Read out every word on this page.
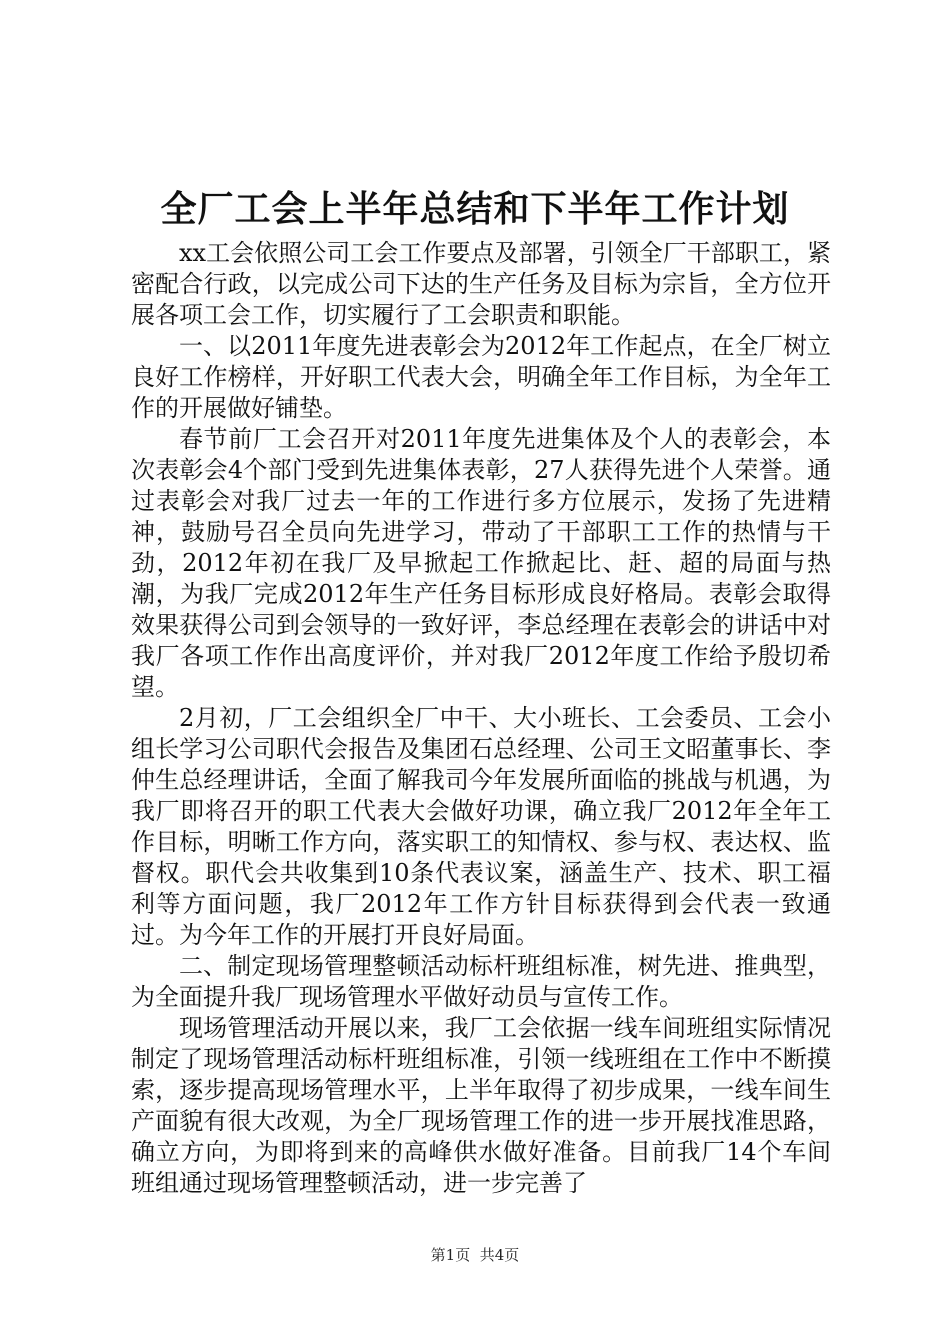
全厂工会上半年总结和下半年工作计划

xx工会依照公司工会工作要点及部署，引领全厂干部职工，紧密配合行政，以完成公司下达的生产任务及目标为宗旨，全方位开展各项工会工作，切实履行了工会职责和职能。

一、以2011年度先进表彰会为2012年工作起点，在全厂树立良好工作榜样，开好职工代表大会，明确全年工作目标，为全年工作的开展做好铺垫。

春节前厂工会召开对2011年度先进集体及个人的表彰会，本次表彰会4个部门受到先进集体表彰，27人获得先进个人荣誉。通过表彰会对我厂过去一年的工作进行多方位展示，发扬了先进精神，鼓励号召全员向先进学习，带动了干部职工工作的热情与干劲，2012年初在我厂及早掀起工作掀起比、赶、超的局面与热潮，为我厂完成2012年生产任务目标形成良好格局。表彰会取得效果获得公司到会领导的一致好评，李总经理在表彰会的讲话中对我厂各项工作作出高度评价，并对我厂2012年度工作给予殷切希望。

2月初，厂工会组织全厂中干、大小班长、工会委员、工会小组长学习公司职代会报告及集团石总经理、公司王文昭董事长、李仲生总经理讲话，全面了解我司今年发展所面临的挑战与机遇，为我厂即将召开的职工代表大会做好功课，确立我厂2012年全年工作目标，明晰工作方向，落实职工的知情权、参与权、表达权、监督权。职代会共收集到10条代表议案，涵盖生产、技术、职工福利等方面问题，我厂2012年工作方针目标获得到会代表一致通过。为今年工作的开展打开良好局面。

二、制定现场管理整顿活动标杆班组标准，树先进、推典型，为全面提升我厂现场管理水平做好动员与宣传工作。

现场管理活动开展以来，我厂工会依据一线车间班组实际情况制定了现场管理活动标杆班组标准，引领一线班组在工作中不断摸索，逐步提高现场管理水平，上半年取得了初步成果，一线车间生产面貌有很大改观，为全厂现场管理工作的进一步开展找准思路，确立方向，为即将到来的高峰供水做好准备。目前我厂14个车间班组通过现场管理整顿活动，进一步完善了

第1页 共4页
